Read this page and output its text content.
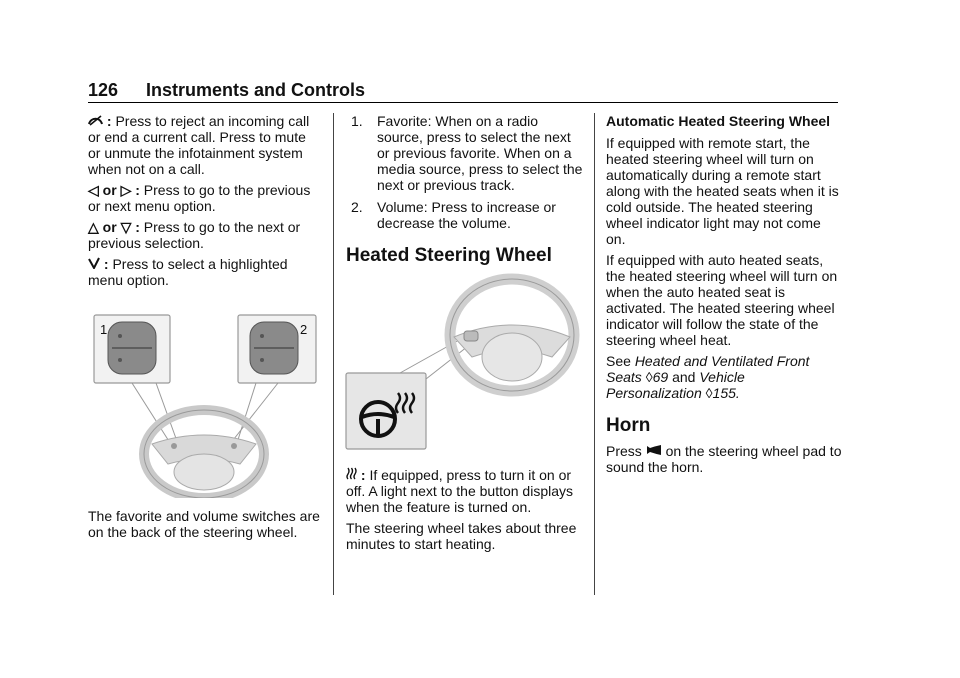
126 Instruments and Controls

: Press to reject an incoming call or end a current call. Press to mute or unmute the infotainment system when not on a call.

◁ or ▷ : Press to go to the previous or next menu option.

△ or ▽ : Press to go to the next or previous selection.

: Press to select a highlighted menu option.

1	2

The favorite and volume switches are on the back of the steering wheel.

1. Favorite: When on a radio source, press to select the next or previous favorite. When on a media source, press to select the next or previous track.
2. Volume: Press to increase or decrease the volume.
Heated Steering Wheel

: If equipped, press to turn it on or off. A light next to the button displays when the feature is turned on.

The steering wheel takes about three minutes to start heating.

Automatic Heated Steering Wheel

If equipped with remote start, the heated steering wheel will turn on automatically during a remote start along with the heated seats when it is cold outside. The heated steering wheel indicator light may not come on.

If equipped with auto heated seats, the heated steering wheel will turn on when the auto heated seat is activated. The heated steering wheel indicator will follow the state of the steering wheel heat.

See Heated and Ventilated Front Seats ◊69 and Vehicle Personalization ◊155.

Horn

Press on the steering wheel pad to sound the horn.
